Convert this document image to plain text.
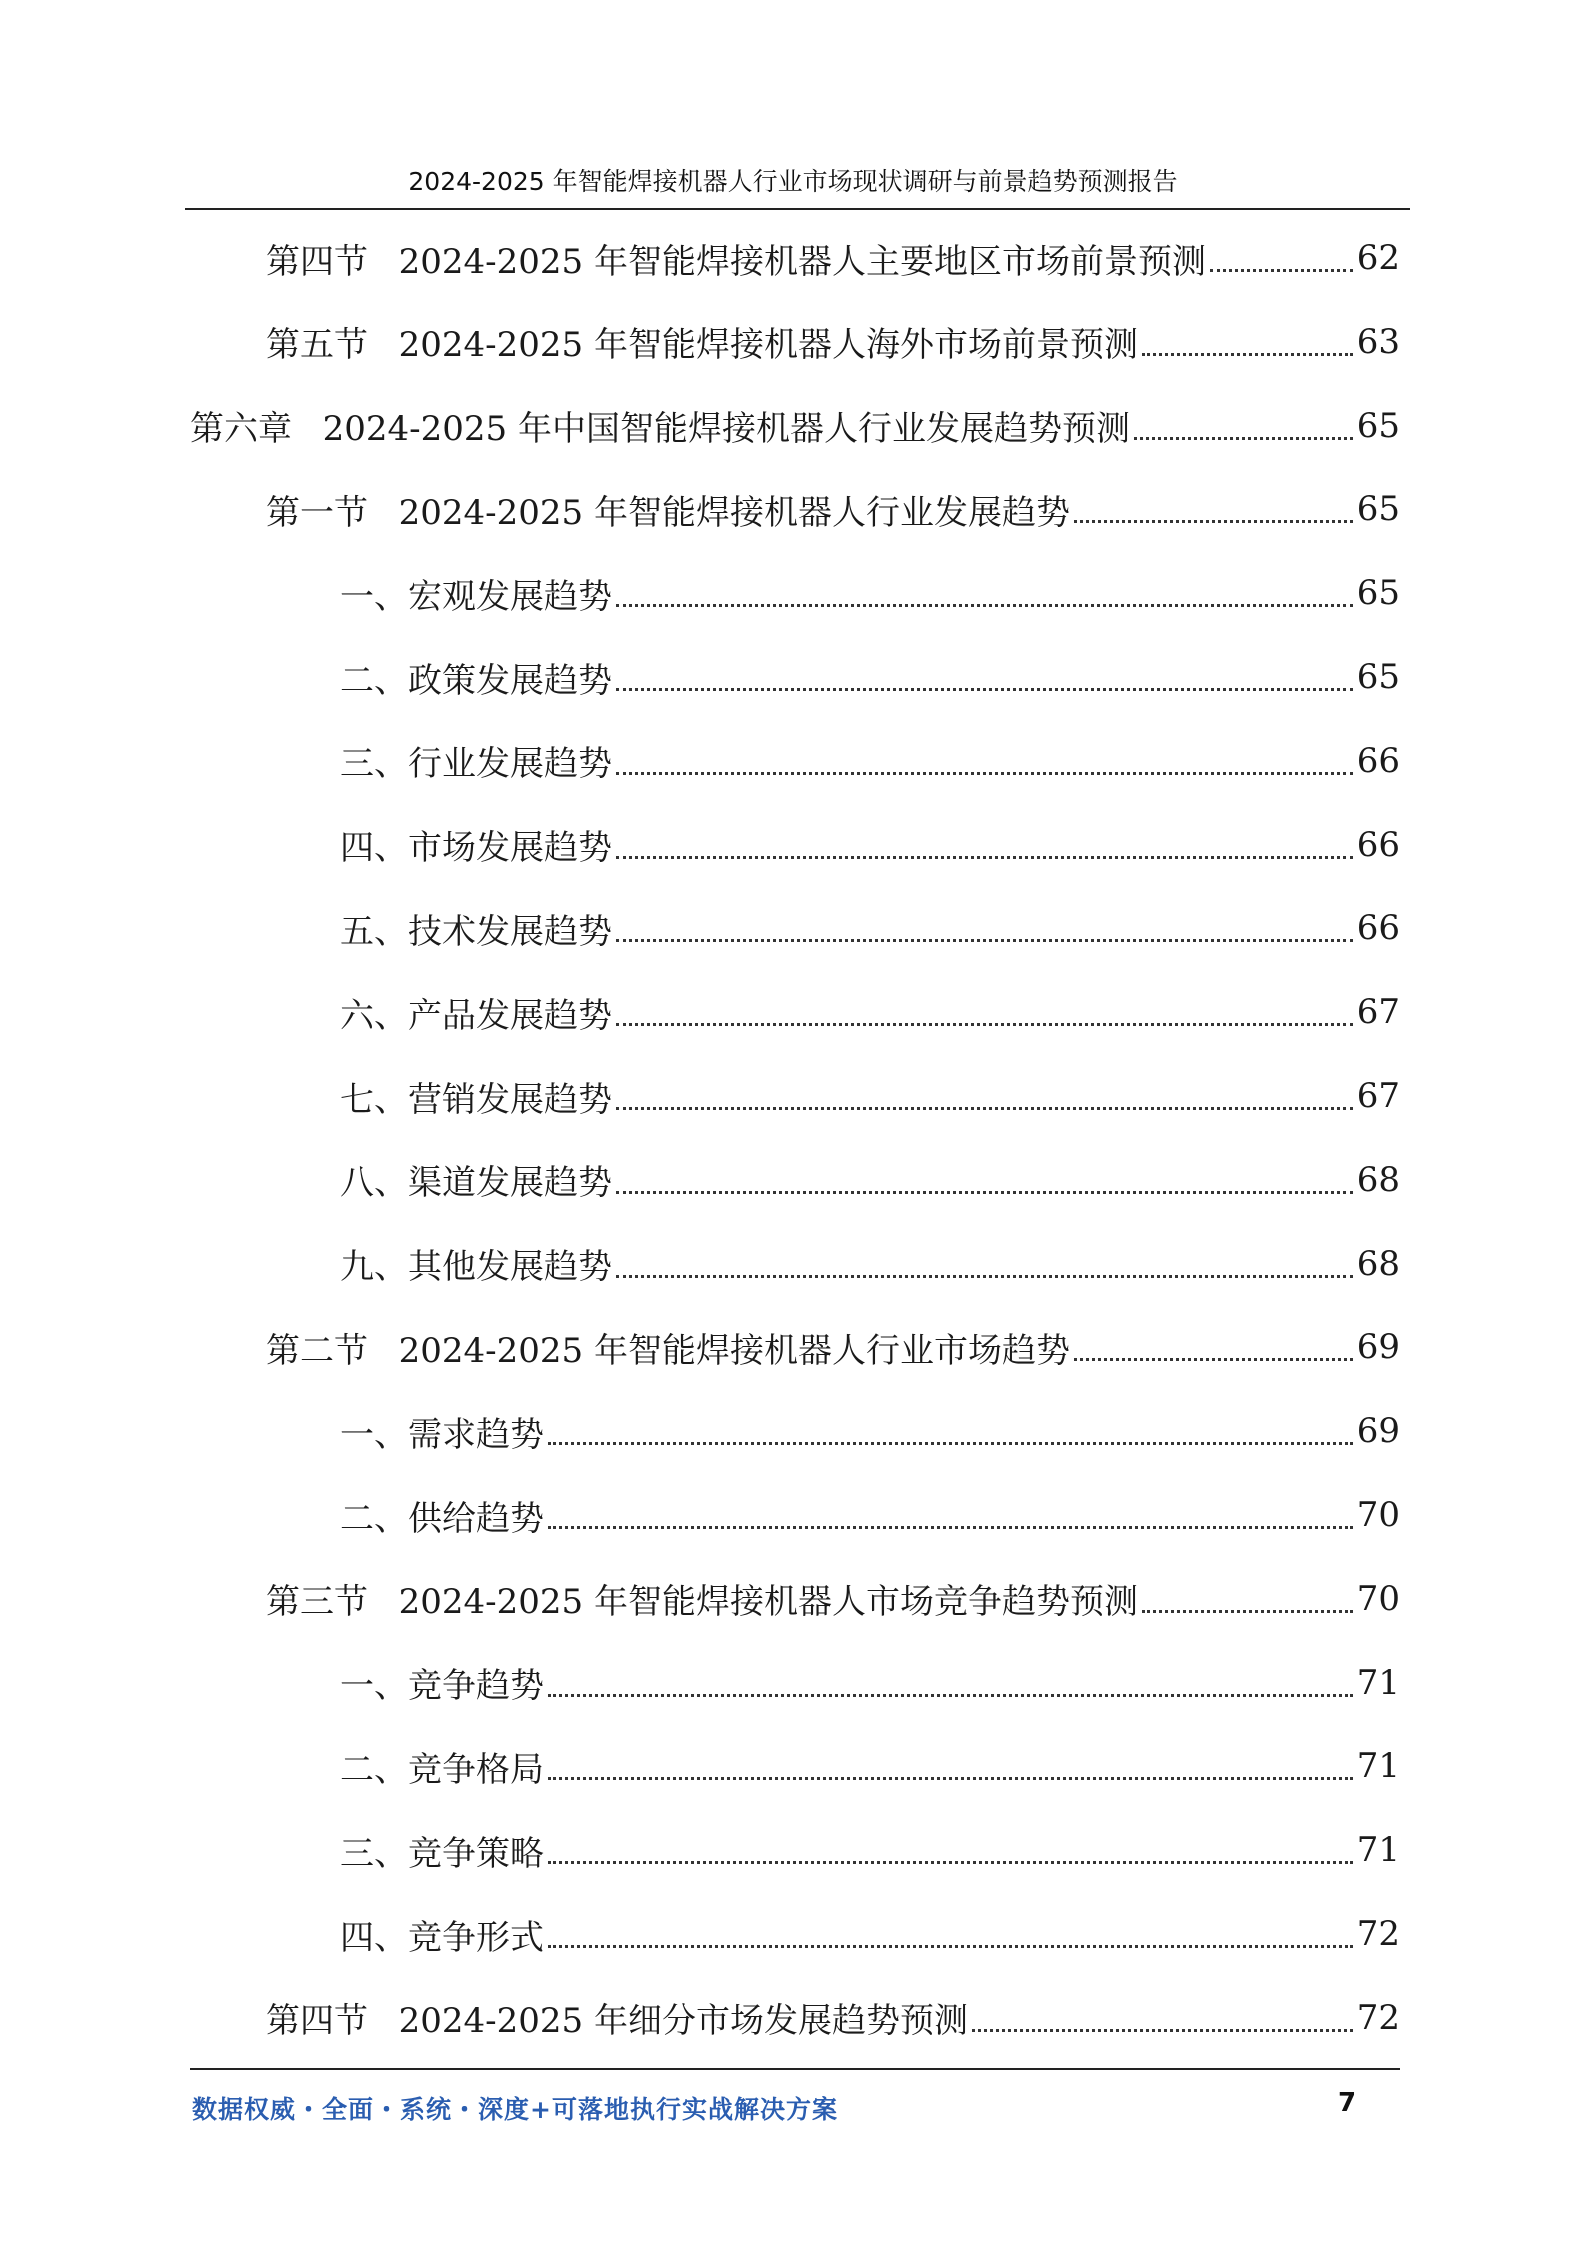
2024-2025 年智能焊接机器人行业市场现状调研与前景趋势预测报告
第四节 2024-2025 年智能焊接机器人主要地区市场前景预测	62
第五节 2024-2025 年智能焊接机器人海外市场前景预测	63
第六章 2024-2025 年中国智能焊接机器人行业发展趋势预测	65
第一节 2024-2025 年智能焊接机器人行业发展趋势	65
一、 宏观发展趋势	65
二、 政策发展趋势	65
三、 行业发展趋势	66
四、 市场发展趋势	66
五、 技术发展趋势	66
六、 产品发展趋势	67
七、 营销发展趋势	67
八、 渠道发展趋势	68
九、 其他发展趋势	68
第二节 2024-2025 年智能焊接机器人行业市场趋势	69
一、 需求趋势	69
二、 供给趋势	70
第三节 2024-2025 年智能焊接机器人市场竞争趋势预测	70
一、 竞争趋势	71
二、 竞争格局	71
三、 竞争策略	71
四、 竞争形式	72
第四节 2024-2025 年细分市场发展趋势预测	72
数据权威・全面・系统・深度+可落地执行实战解决方案	7
